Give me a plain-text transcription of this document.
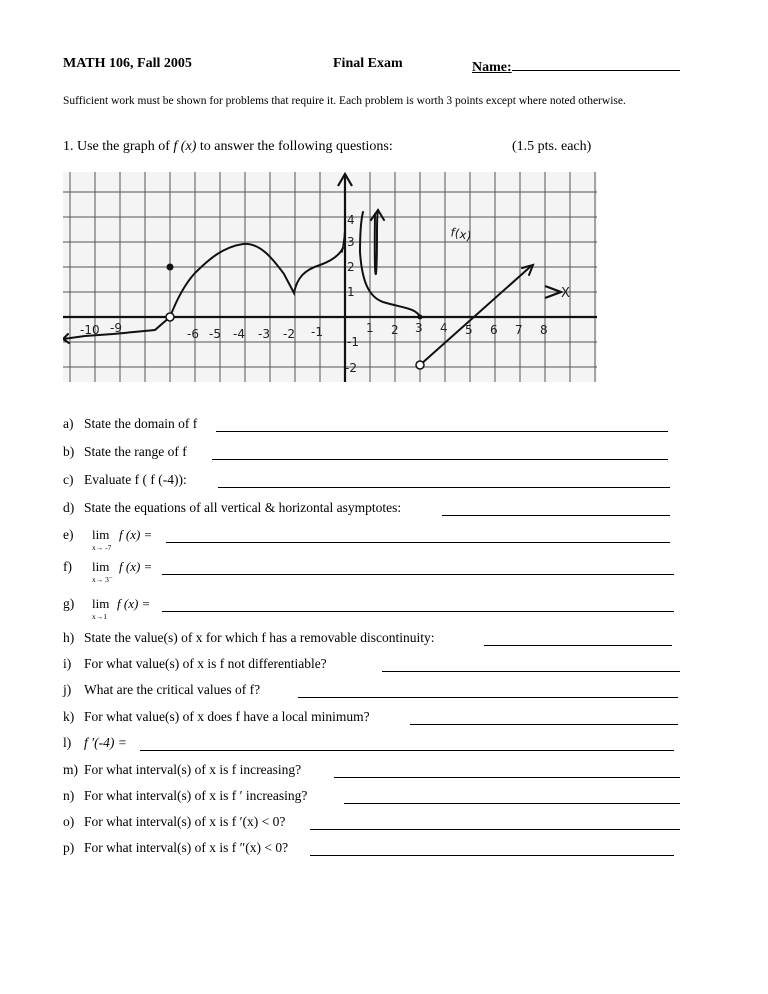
MATH 106, Fall 2005	Final Exam	Name:
Sufficient work must be shown for problems that require it. Each problem is worth 3 points except where noted otherwise.
1. Use the graph of f (x) to answer the following questions:	(1.5 pts. each)
-10 -9	-6 -5 -4 -3 -2 -1	1 2 3 4 5 6 7 8
4
3
2
1
-1
-2
X
f(x)
a) State the domain of f
b) State the range of f
c) Evaluate f ( f (-4)):
d) State the equations of all vertical & horizontal asymptotes:
e)	lim
x→ -7
f (x) =
f)	lim
x→ 3⁻
f (x) =
g)	lim
x→1
f (x) =
h) State the value(s) of x for which f has a removable discontinuity:
i) For what value(s) of x is f not differentiable?
j) What are the critical values of f?
k) For what value(s) of x does f have a local minimum?
l) f ′(-4) =
m) For what interval(s) of x is f increasing?
n) For what interval(s) of x is f ′ increasing?
o) For what interval(s) of x is f ′(x) < 0?
p) For what interval(s) of x is f ″(x) < 0?
